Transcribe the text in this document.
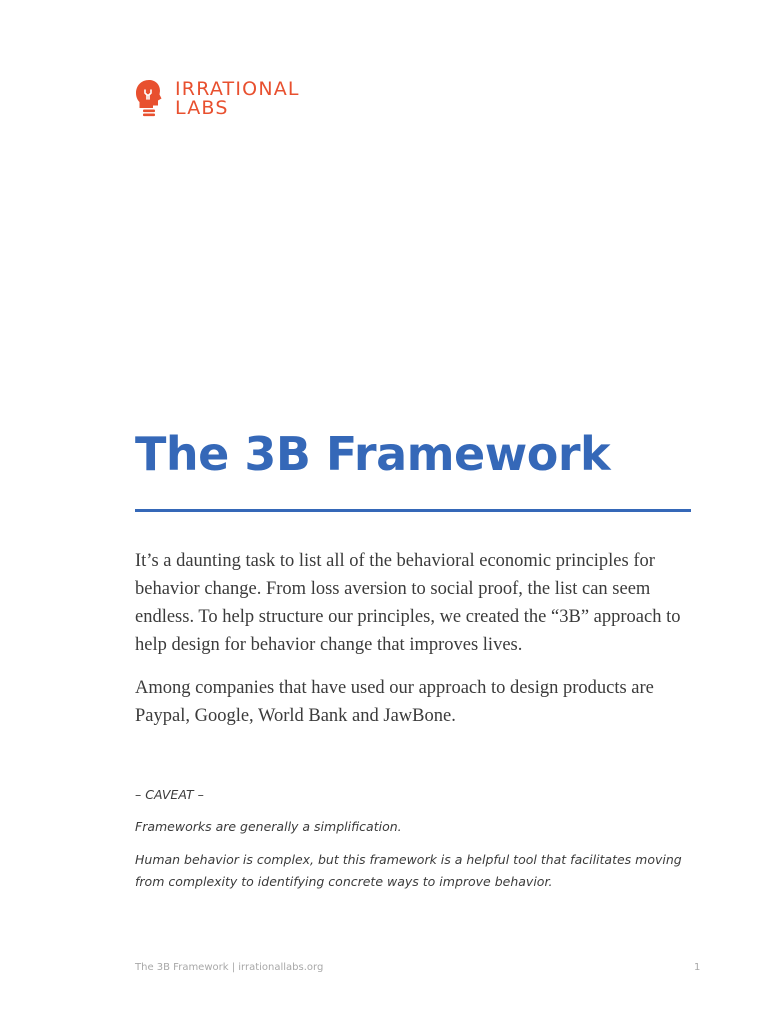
IRRATIONAL
LABS
The 3B Framework

It’s a daunting task to list all of the behavioral economic principles for behavior change. From loss aversion to social proof, the list can seem endless. To help structure our principles, we created the “3B” approach to help design for behavior change that improves lives.

Among companies that have used our approach to design products are Paypal, Google, World Bank and JawBone.

– CAVEAT –

Frameworks are generally a simplification.

Human behavior is complex, but this framework is a helpful tool that facilitates moving from complexity to identifying concrete ways to improve behavior.

The 3B Framework | irrationallabs.org	1
